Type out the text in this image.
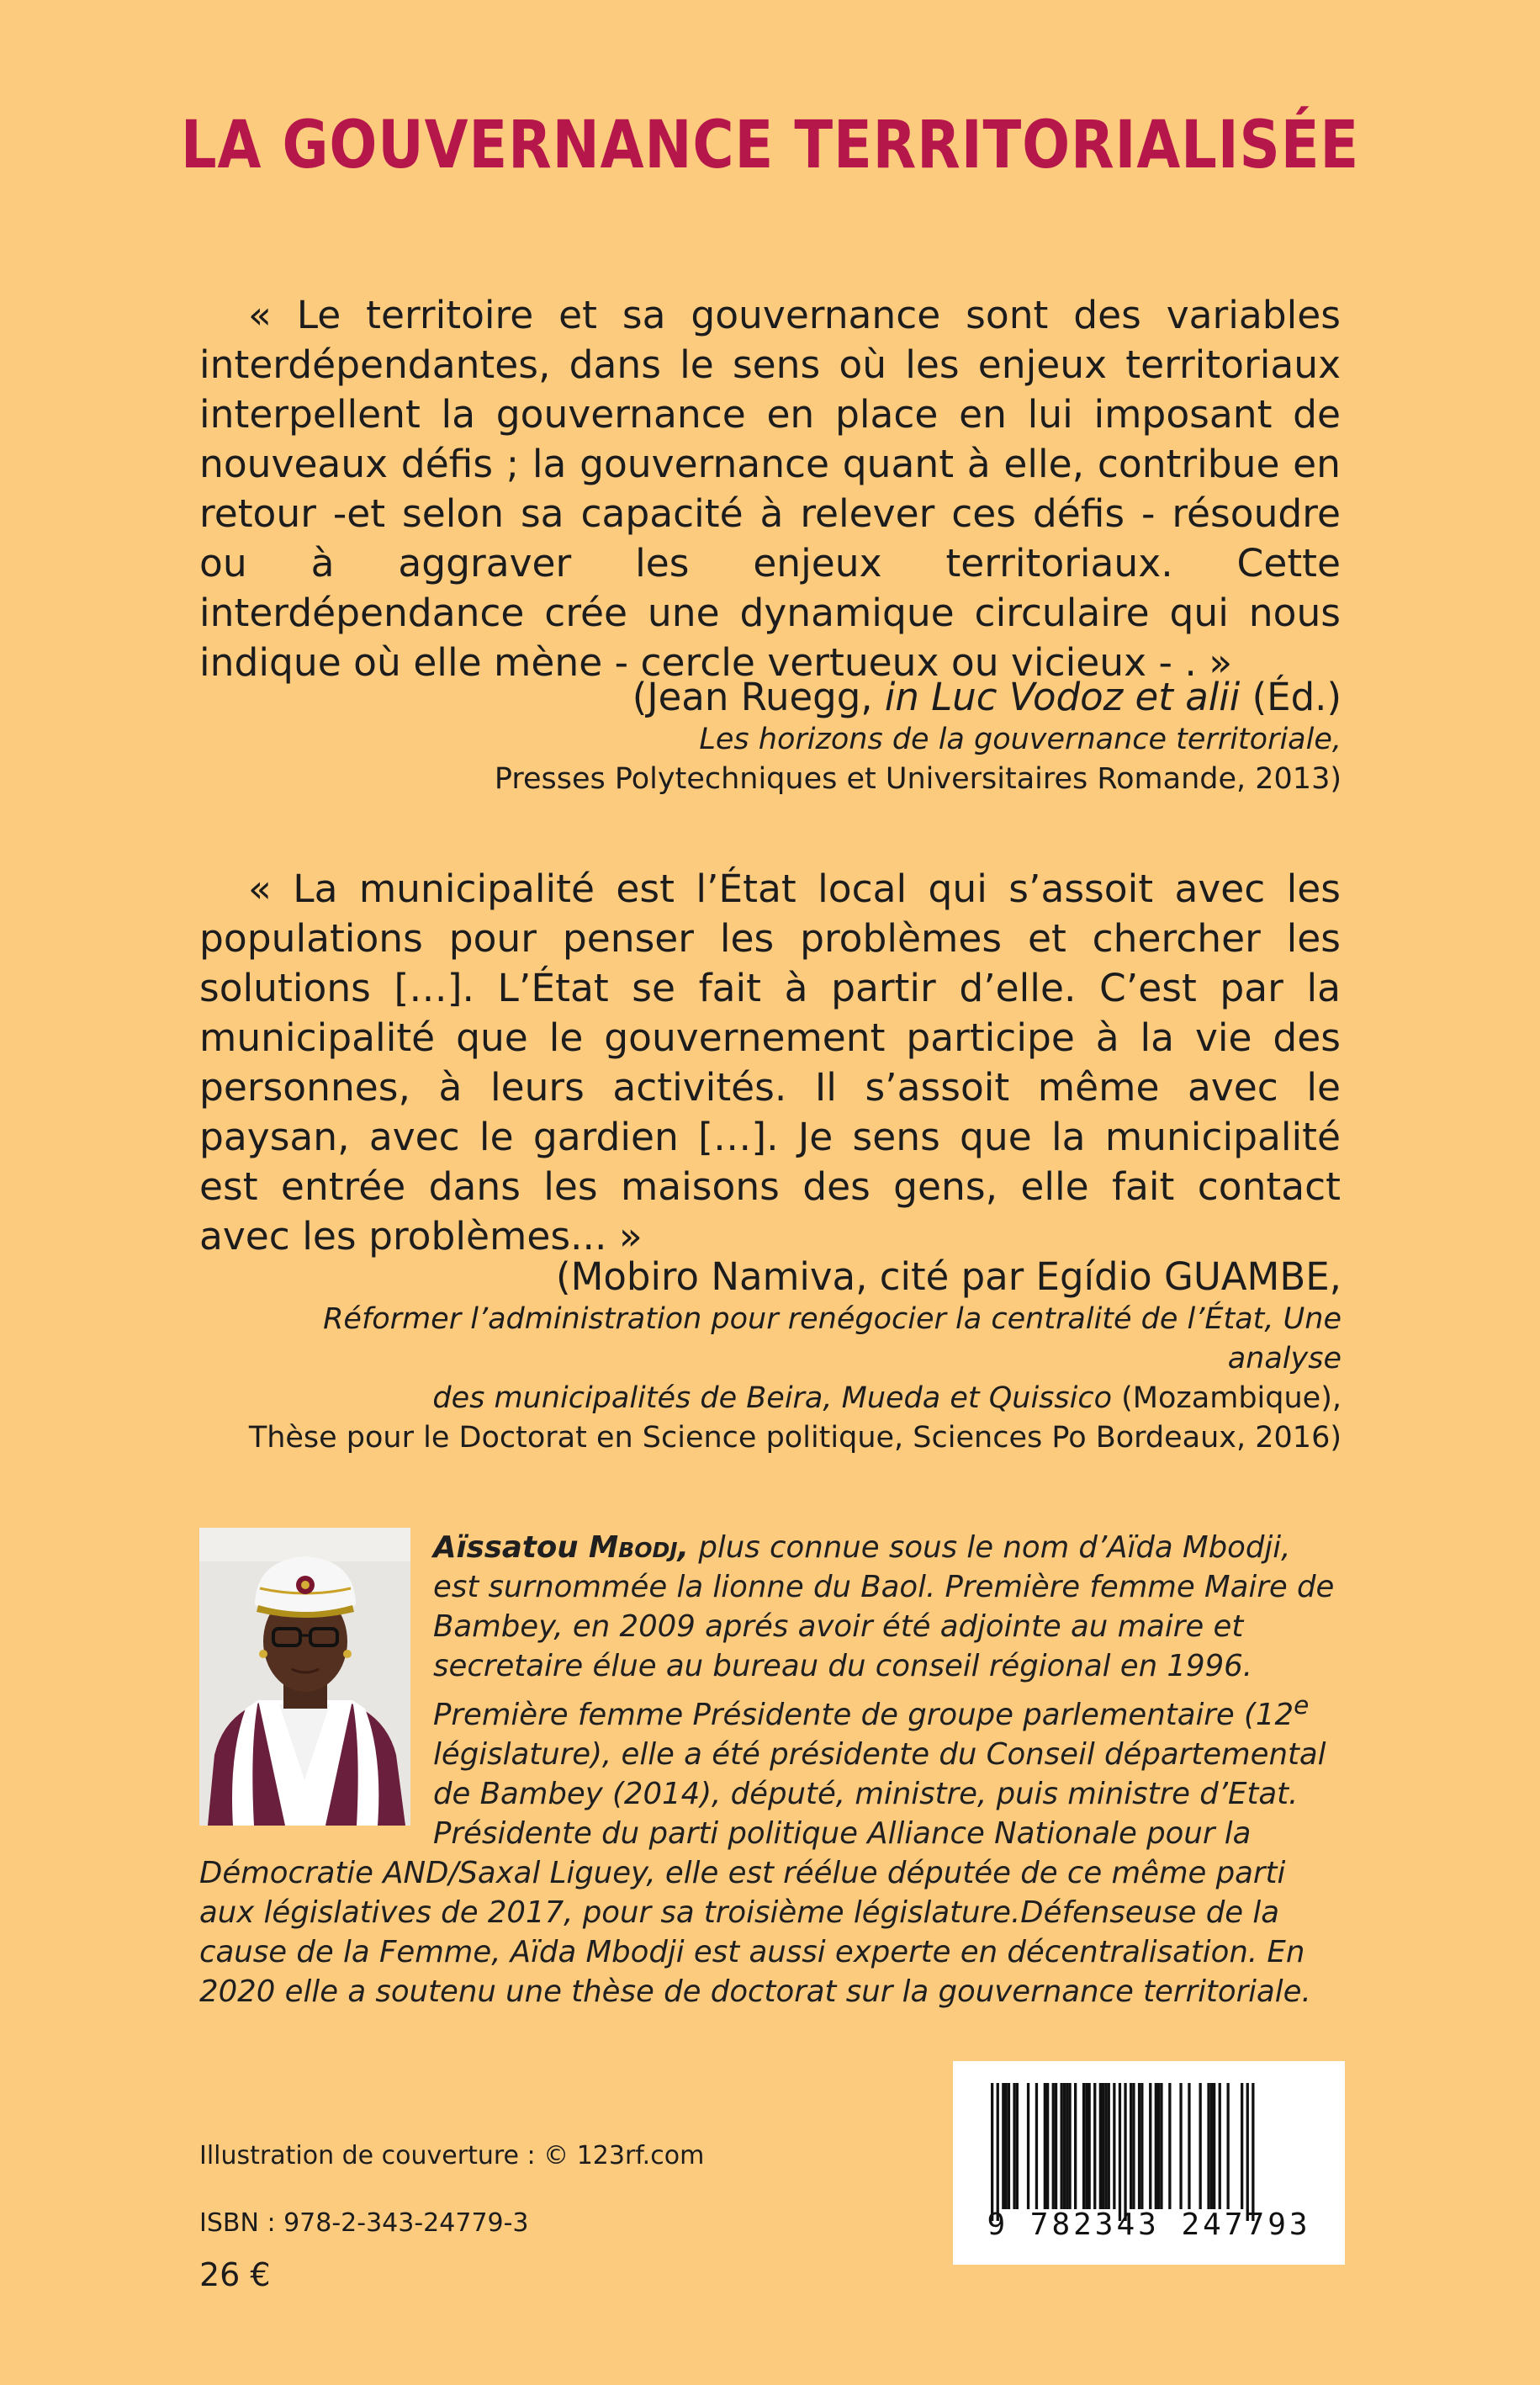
LA GOUVERNANCE TERRITORIALISÉE
« Le territoire et sa gouvernance sont des variables interdépendantes, dans le sens où les enjeux territoriaux interpellent la gouvernance en place en lui imposant de nouveaux défis ; la gouvernance quant à elle, contribue en retour -et selon sa capacité à relever ces défis - résoudre ou à aggraver les enjeux territoriaux. Cette interdépendance crée une dynamique circulaire qui nous indique où elle mène - cercle vertueux ou vicieux - . »
(Jean Ruegg, in Luc Vodoz et alii (Éd.)
Les horizons de la gouvernance territoriale,
Presses Polytechniques et Universitaires Romande, 2013)
« La municipalité est l’État local qui s’assoit avec les populations pour penser les problèmes et chercher les solutions […]. L’État se fait à partir d’elle. C’est par la municipalité que le gouvernement participe à la vie des personnes, à leurs activités. Il s’assoit même avec le paysan, avec le gardien […]. Je sens que la municipalité est entrée dans les maisons des gens, elle fait contact avec les problèmes... »
(Mobiro Namiva, cité par Egídio GUAMBE,
Réformer l’administration pour renégocier la centralité de l’État, Une analyse
des municipalités de Beira, Mueda et Quissico (Mozambique),
Thèse pour le Doctorat en Science politique, Sciences Po Bordeaux, 2016)
Aïssatou Mbodj, plus connue sous le nom d’Aïda Mbodji, est surnommée la lionne du Baol. Première femme Maire de Bambey, en 2009 aprés avoir été adjointe au maire et secretaire élue au bureau du conseil régional en 1996. Première femme Présidente de groupe parlementaire (12e législature), elle a été présidente du Conseil départemental de Bambey (2014), député, ministre, puis ministre d’Etat. Présidente du parti politique Alliance Nationale pour la Démocratie AND/Saxal Liguey, elle est réélue députée de ce même parti aux législatives de 2017, pour sa troisième législature.Défenseuse de la cause de la Femme, Aïda Mbodji est aussi experte en décentralisation. En 2020 elle a soutenu une thèse de doctorat sur la gouvernance territoriale.
9 782343 247793
Illustration de couverture : © 123rf.com
ISBN : 978-2-343-24779-3
26 €
